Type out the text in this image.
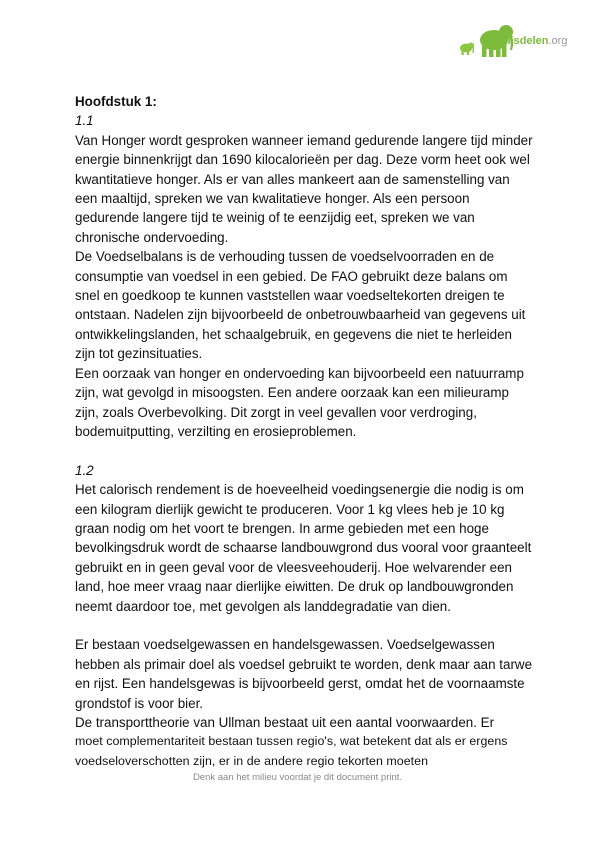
Kennisdelen.org

Hoofdstuk 1:

1.1

Van Honger wordt gesproken wanneer iemand gedurende langere tijd minder energie binnenkrijgt dan 1690 kilocalorieën per dag. Deze vorm heet ook wel kwantitatieve honger. Als er van alles mankeert aan de samenstelling van een maaltijd, spreken we van kwalitatieve honger. Als een persoon gedurende langere tijd te weinig of te eenzijdig eet, spreken we van chronische ondervoeding.

De Voedselbalans is de verhouding tussen de voedselvoorraden en de consumptie van voedsel in een gebied. De FAO gebruikt deze balans om snel en goedkoop te kunnen vaststellen waar voedseltekorten dreigen te ontstaan. Nadelen zijn bijvoorbeeld de onbetrouwbaarheid van gegevens uit ontwikkelingslanden, het schaalgebruik, en gegevens die niet te herleiden zijn tot gezinsituaties.

Een oorzaak van honger en ondervoeding kan bijvoorbeeld een natuurramp zijn, wat gevolgd in misoogsten. Een andere oorzaak kan een milieuramp zijn, zoals Overbevolking. Dit zorgt in veel gevallen voor verdroging, bodemuitputting, verzilting en erosieproblemen.

1.2

Het calorisch rendement is de hoeveelheid voedingsenergie die nodig is om een kilogram dierlijk gewicht te produceren. Voor 1 kg vlees heb je 10 kg graan nodig om het voort te brengen. In arme gebieden met een hoge bevolkingsdruk wordt de schaarse landbouwgrond dus vooral voor graanteelt gebruikt en in geen geval voor de vleesveehouderij. Hoe welvarender een land, hoe meer vraag naar dierlijke eiwitten. De druk op landbouwgronden neemt daardoor toe, met gevolgen als landdegradatie van dien.

Er bestaan voedselgewassen en handelsgewassen. Voedselgewassen hebben als primair doel als voedsel gebruikt te worden, denk maar aan tarwe en rijst. Een handelsgewas is bijvoorbeeld gerst, omdat het de voornaamste grondstof is voor bier.

De transporttheorie van Ullman bestaat uit een aantal voorwaarden. Er
moet complementariteit bestaan tussen regio's, wat betekent dat als er ergens voedseloverschotten zijn, er in de andere regio tekorten moeten

Denk aan het milieu voordat je dit document print.
